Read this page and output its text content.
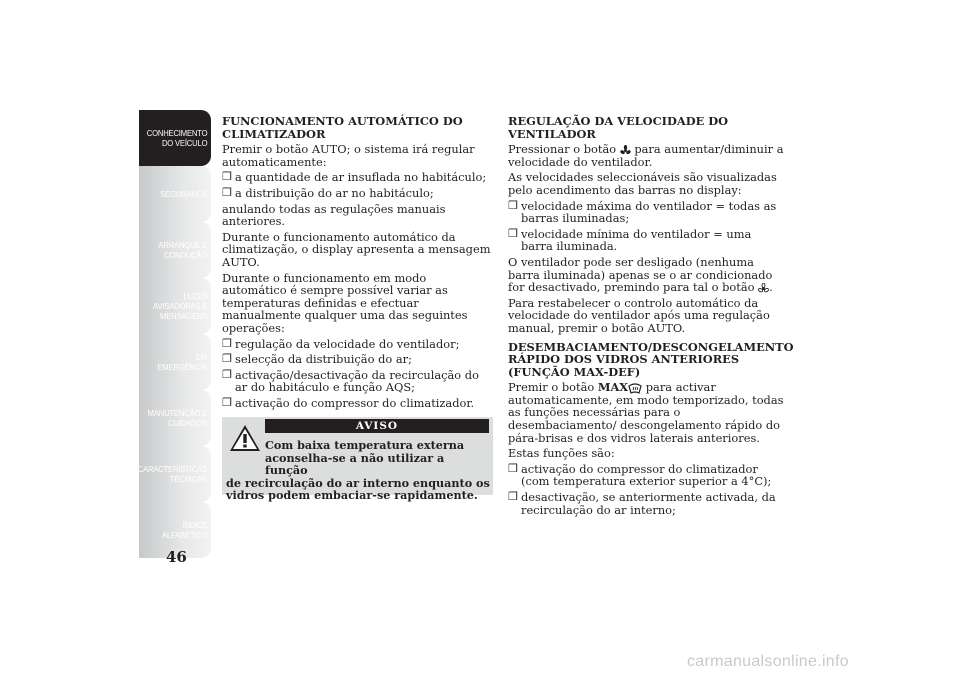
CONHECIMENTO
DO VEÍCULO
SEGURANÇA
ARRANQUE E
CONDUÇÃO
LUZES
AVISADORAS E
MENSAGENS
EM EMERGÊNCIA
MANUTENÇÃO E
CUIDADOS
CARACTERÍSTICAS
TÉCNICAS
ÍNDICE
ALFABÉTICO
46
FUNCIONAMENTO AUTOMÁTICO DO CLIMATIZADOR

Premir o botão AUTO; o sistema irá regular automaticamente:

❒ a quantidade de ar insuflada no habitáculo;
❒ a distribuição do ar no habitáculo;

anulando todas as regulações manuais anteriores.

Durante o funcionamento automático da climatização, o display apresenta a mensagem AUTO.

Durante o funcionamento em modo automático é sempre possível variar as temperaturas definidas e efectuar manualmente qualquer uma das seguintes operações:

❒ regulação da velocidade do ventilador;
❒ selecção da distribuição do ar;
❒ activação/desactivação da recirculação do ar do habitáculo e função AQS;
❒ activação do compressor do climatizador.
AVISO
Com baixa temperatura externa
aconselha-se a não utilizar a função
de recirculação do ar interno enquanto os vidros podem embaciar-se rapidamente.
REGULAÇÃO DA VELOCIDADE DO VENTILADOR

Pressionar o botão para aumentar/diminuir a velocidade do ventilador.

As velocidades seleccionáveis são visualizadas pelo acendimento das barras no display:

❒ velocidade máxima do ventilador = todas as barras iluminadas;
❒ velocidade mínima do ventilador = uma barra iluminada.

O ventilador pode ser desligado (nenhuma barra iluminada) apenas se o ar condicionado for desactivado, premindo para tal o botão .

Para restabelecer o controlo automático da velocidade do ventilador após uma regulação manual, premir o botão AUTO.

DESEMBACIAMENTO/DESCONGELAMENTO RÁPIDO DOS VIDROS ANTERIORES (FUNÇÃO MAX-DEF)

Premir o botão MAX para activar automaticamente, em modo temporizado, todas as funções necessárias para o desembaciamento/ descongelamento rápido do pára-brisas e dos vidros laterais anteriores.

Estas funções são:

❒ activação do compressor do climatizador (com temperatura exterior superior a 4°C);
❒ desactivação, se anteriormente activada, da recirculação do ar interno;
carmanualsonline.info
